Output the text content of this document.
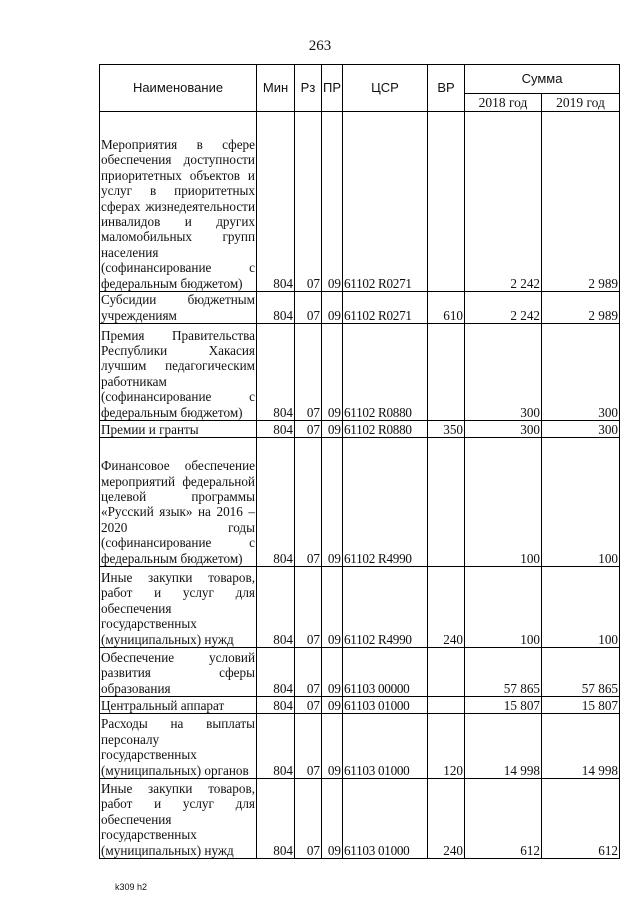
263
Наименование	Мин	Рз	ПР	ЦСР	ВР	Сумма	
						2018 год	2019 год
Мероприятия в сфере обеспечения доступности приоритетных объектов и услуг в приоритетных сферах жизнедеятельности инвалидов и других маломобильных групп населения (софинансирование с федеральным бюджетом)	804	07	09	61102 R0271		2 242	2 989
Субсидии бюджетным учреждениям	804	07	09	61102 R0271	610	2 242	2 989
Премия Правительства Республики Хакасия лучшим педагогическим работникам (софинансирование с федеральным бюджетом)	804	07	09	61102 R0880		300	300
Премии и гранты	804	07	09	61102 R0880	350	300	300
Финансовое обеспечение мероприятий федеральной целевой программы «Русский язык» на 2016 – 2020 годы (софинансирование с федеральным бюджетом)	804	07	09	61102 R4990		100	100
Иные закупки товаров, работ и услуг для обеспечения государственных (муниципальных) нужд	804	07	09	61102 R4990	240	100	100
Обеспечение условий развития сферы образования	804	07	09	61103 00000		57 865	57 865
Центральный аппарат	804	07	09	61103 01000		15 807	15 807
Расходы на выплаты персоналу государственных (муниципальных) органов	804	07	09	61103 01000	120	14 998	14 998
Иные закупки товаров, работ и услуг для обеспечения государственных (муниципальных) нужд	804	07	09	61103 01000	240	612	612
k309 h2
